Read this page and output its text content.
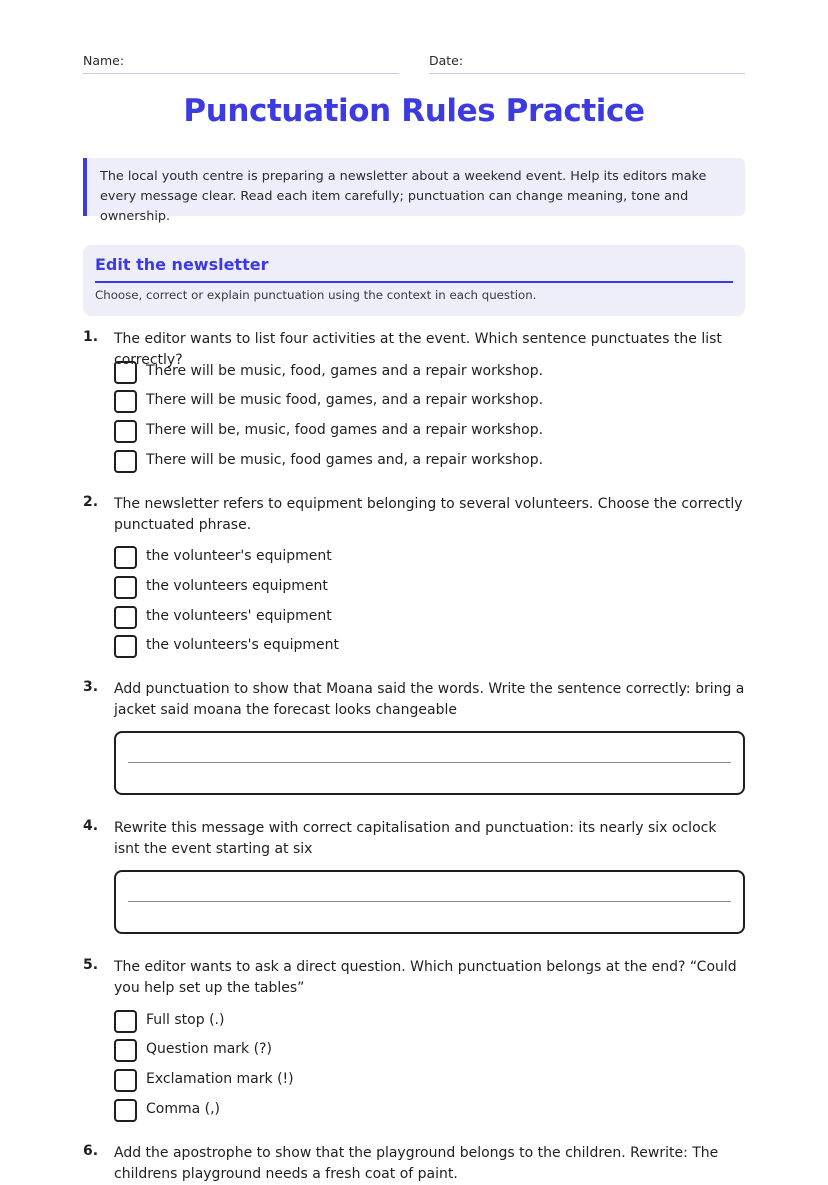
Name:	Date:
Punctuation Rules Practice

The local youth centre is preparing a newsletter about a weekend event. Help its editors make every message clear. Read each item carefully; punctuation can change meaning, tone and ownership.

Edit the newsletter
Choose, correct or explain punctuation using the context in each question.
1. The editor wants to list four activities at the event. Which sentence punctuates the list correctly?
There will be music, food, games and a repair workshop.
There will be music food, games, and a repair workshop.
There will be, music, food games and a repair workshop.
There will be music, food games and, a repair workshop.
2. The newsletter refers to equipment belonging to several volunteers. Choose the correctly punctuated phrase.
the volunteer's equipment
the volunteers equipment
the volunteers' equipment
the volunteers's equipment
3. Add punctuation to show that Moana said the words. Write the sentence correctly: bring a jacket said moana the forecast looks changeable
4. Rewrite this message with correct capitalisation and punctuation: its nearly six oclock isnt the event starting at six
5. The editor wants to ask a direct question. Which punctuation belongs at the end? “Could you help set up the tables”
Full stop (.)
Question mark (?)
Exclamation mark (!)
Comma (,)
6. Add the apostrophe to show that the playground belongs to the children. Rewrite: The childrens playground needs a fresh coat of paint.
